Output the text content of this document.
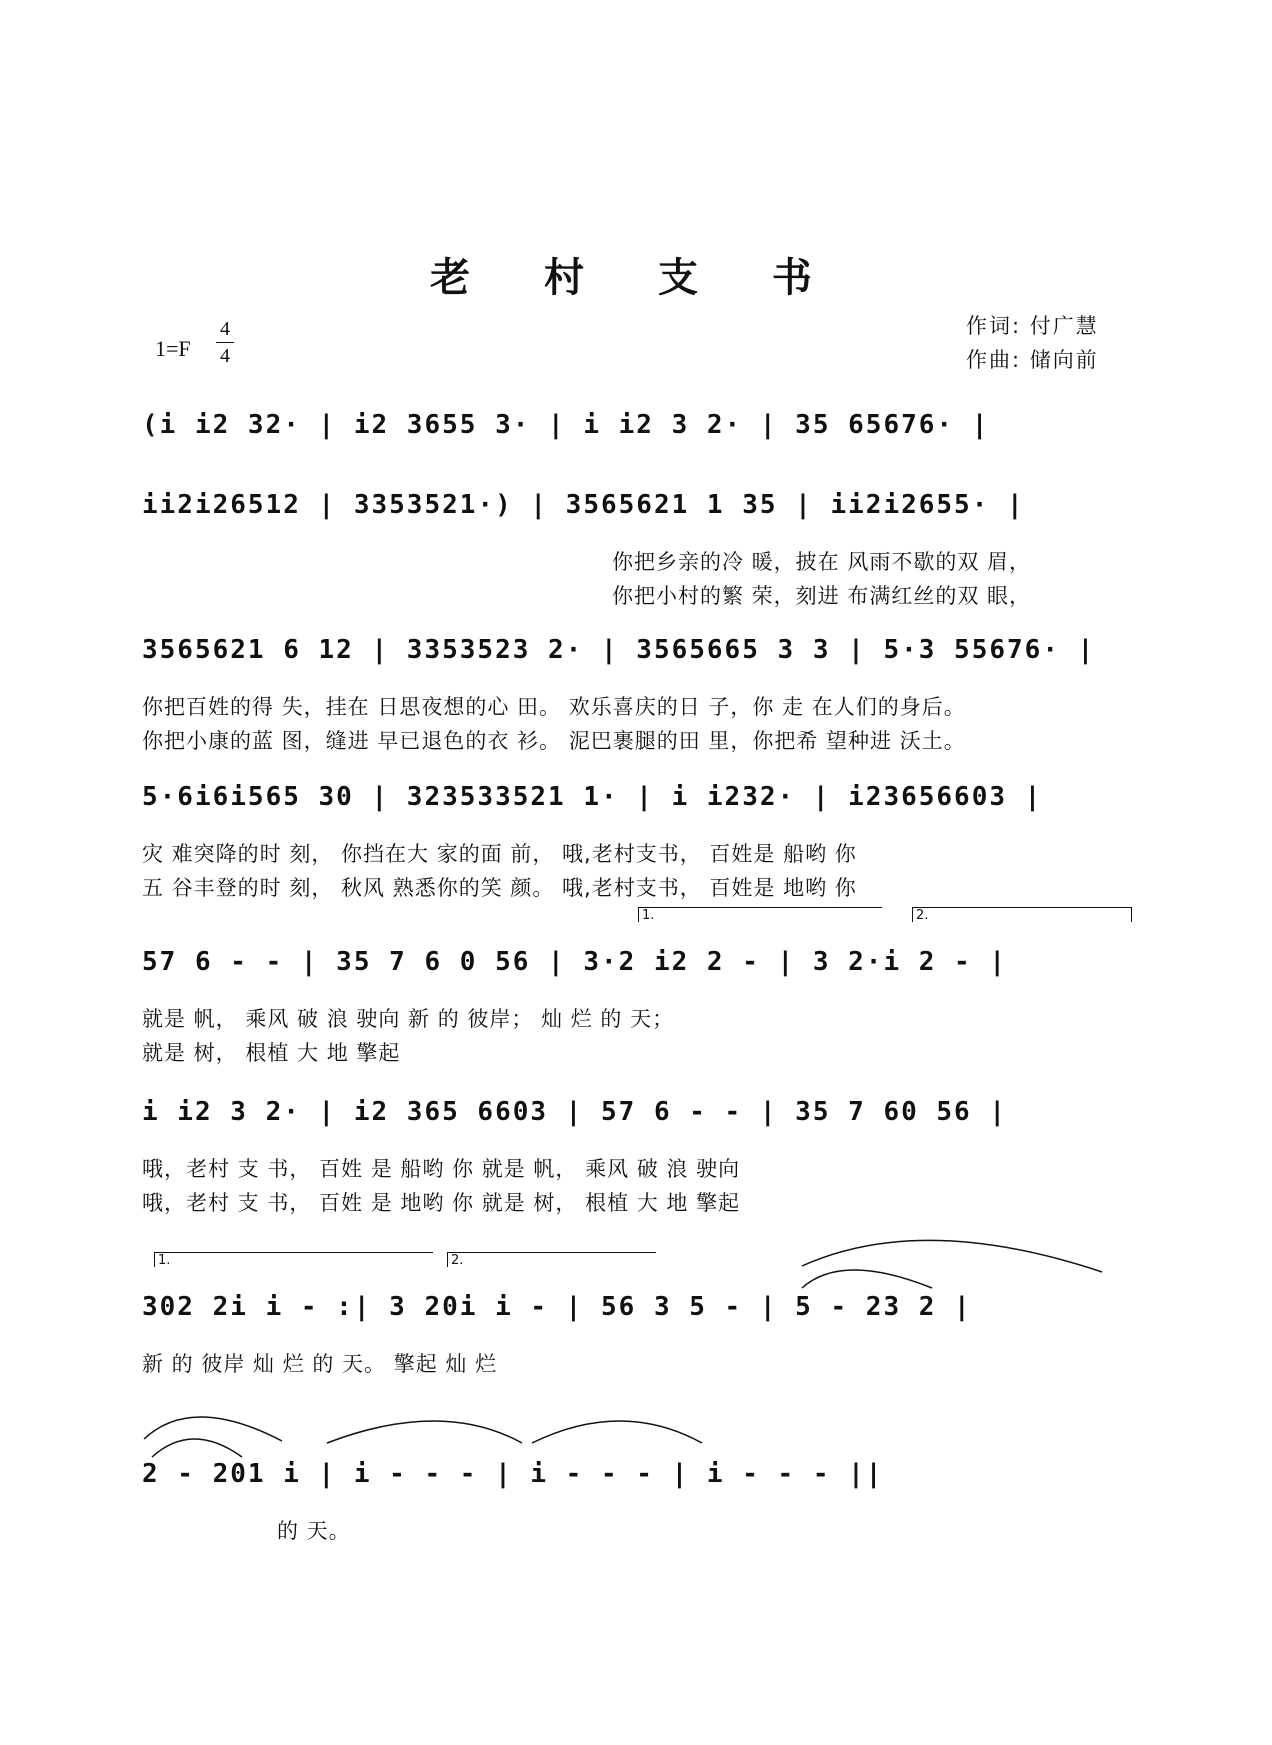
老 村 支 书
1=F
4
4
作词: 付广慧
作曲: 储向前
(i i2 32· | i2 3655 3· | i i2 3 2· | 35 65676· |
ii2i26512 | 3353521·) | 3565621 1 35 | ii2i2655· |
你把乡亲的冷 暖，披在 风雨不歇的双 眉，
你把小村的繁 荣，刻进 布满红丝的双 眼，
3565621 6 12 | 3353523 2· | 3565665 3 3 | 5·3 55676· |
你把百姓的得 失，挂在 日思夜想的心 田。 欢乐喜庆的日 子，你 走 在人们的身后。
你把小康的蓝 图，缝进 早已退色的衣 衫。 泥巴裹腿的田 里，你把希 望种进 沃土。
5·6i6i565 30 | 323533521 1· | i i232· | i23656603 |
灾 难突降的时 刻， 你挡在大 家的面 前， 哦,老村支书， 百姓是 船哟 你
五 谷丰登的时 刻， 秋风 熟悉你的笑 颜。 哦,老村支书， 百姓是 地哟 你
1.	2.
57 6 - - | 35 7 6 0 56 | 3·2 i2 2 - | 3 2·i 2 - |
就是 帆， 乘风 破 浪 驶向 新 的 彼岸； 灿 烂 的 天；
就是 树， 根植 大 地 擎起
i i2 3 2· | i2 365 6603 | 57 6 - - | 35 7 60 56 |
哦，老村 支 书， 百姓 是 船哟 你 就是 帆， 乘风 破 浪 驶向
哦，老村 支 书， 百姓 是 地哟 你 就是 树， 根植 大 地 擎起
1.	2.
302 2i i - :| 3 20i i - | 56 3 5 - | 5 - 23 2 |
新 的 彼岸 灿 烂 的 天。 擎起 灿 烂
2 - 201 i | i - - - | i - - - | i - - - ||
的 天。
